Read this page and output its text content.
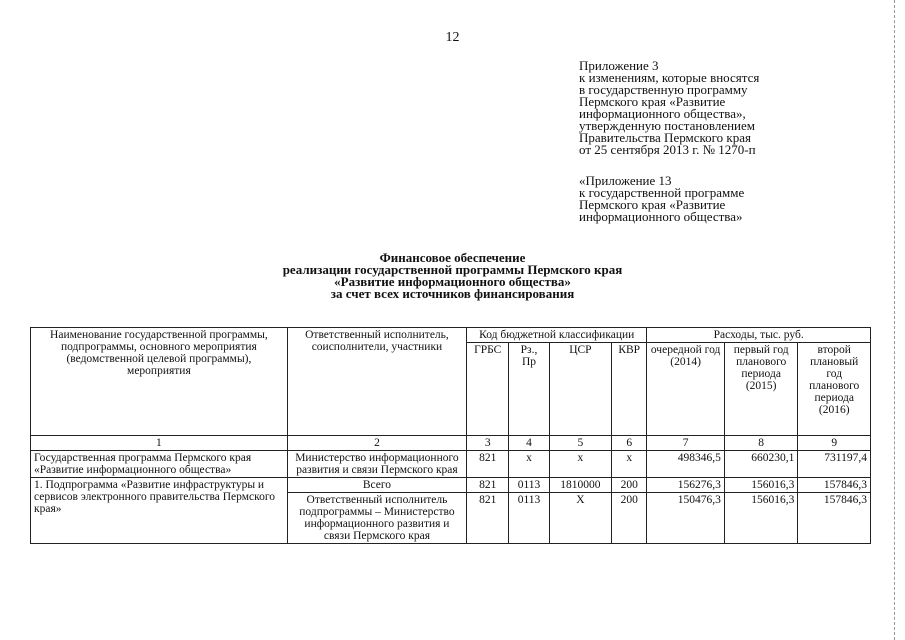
12
Приложение 3
к изменениям, которые вносятся
в государственную программу
Пермского края «Развитие
информационного общества»,
утвержденную постановлением
Правительства Пермского края
от 25 сентября 2013 г. № 1270-п
«Приложение 13
к государственной программе
Пермского края «Развитие
информационного общества»
Финансовое обеспечение
реализации государственной программы Пермского края
«Развитие информационного общества»
за счет всех источников финансирования
Наименование государственной программы, подпрограммы, основного мероприятия (ведомственной целевой программы), мероприятия	Ответственный исполнитель, соисполнители, участники	Код бюджетной классификации				Расходы, тыс. руб.		
		ГРБС	Рз., Пр	ЦСР	КВР	очередной год (2014)	первый год планового периода (2015)	второй плановый год планового периода (2016)
1	2	3	4	5	6	7	8	9
Государственная программа Пермского края «Развитие информационного общества»	Министерство информационного развития и связи Пермского края	821	х	х	х	498346,5	660230,1	731197,4
1. Подпрограмма «Развитие инфраструктуры и сервисов электронного правительства Пермского края»	Всего	821	0113	1810000	200	156276,3	156016,3	157846,3
	Ответственный исполнитель подпрограммы – Министерство информационного развития и связи Пермского края	821	0113	Х	200	150476,3	156016,3	157846,3
